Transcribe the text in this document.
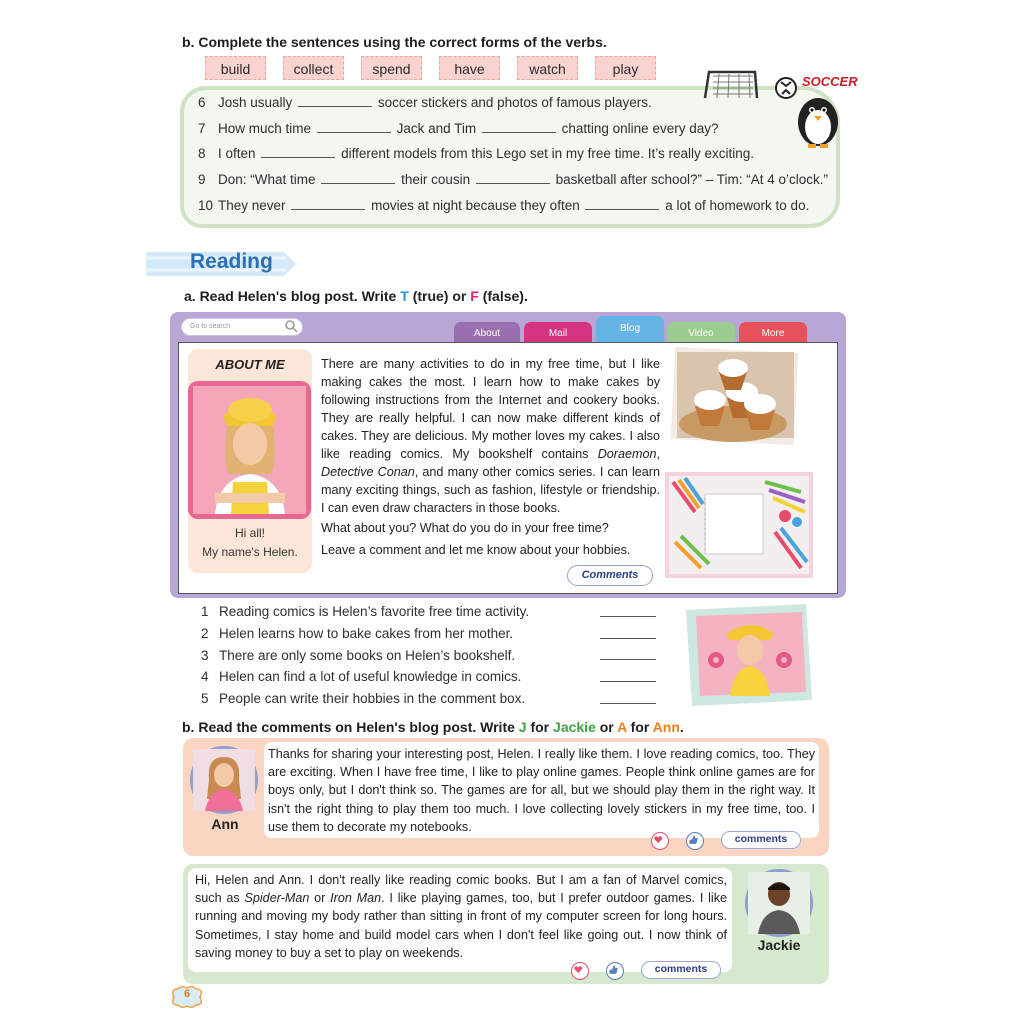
b. Complete the sentences using the correct forms of the verbs.
build	collect	spend	have	watch	play
6 Josh usually	soccer stickers and photos of famous players.
7 How much time	Jack and Tim	chatting online every day?
8 I often	different models from this Lego set in my free time. It’s really exciting.
9 Don: “What time	their cousin	basketball after school?” – Tim: “At 4 o’clock.”
10 They never	movies at night because they often	a lot of homework to do.
SOCCER
Reading
a. Read Helen's blog post. Write T (true) or F (false).
Go to search
About	Mail	Blog	Video	More
ABOUT ME
Hi all!
My name's Helen.
There are many activities to do in my free time, but I like making cakes the most. I learn how to make cakes by following instructions from the Internet and cookery books. They are really helpful. I can now make different kinds of cakes. They are delicious. My mother loves my cakes. I also like reading comics. My bookshelf contains Doraemon, Detective Conan, and many other comics series. I can learn many exciting things, such as fashion, lifestyle or friendship. I can even draw characters in those books.
What about you? What do you do in your free time?
Leave a comment and let me know about your hobbies.
Comments
1 Reading comics is Helen’s favorite free time activity.
2 Helen learns how to bake cakes from her mother.
3 There are only some books on Helen’s bookshelf.
4 Helen can find a lot of useful knowledge in comics.
5 People can write their hobbies in the comment box.
b. Read the comments on Helen's blog post. Write J for Jackie or A for Ann.
Ann
Thanks for sharing your interesting post, Helen. I really like them. I love reading comics, too. They are exciting. When I have free time, I like to play online games. People think online games are for boys only, but I don't think so. The games are for all, but we should play them in the right way. It isn't the right thing to play them too much. I love collecting lovely stickers in my free time, too. I use them to decorate my notebooks.
comments
Jackie
Hi, Helen and Ann. I don't really like reading comic books. But I am a fan of Marvel comics, such as Spider-Man or Iron Man. I like playing games, too, but I prefer outdoor games. I like running and moving my body rather than sitting in front of my computer screen for long hours. Sometimes, I stay home and build model cars when I don't feel like going out. I now think of saving money to buy a set to play on weekends.
comments
6
